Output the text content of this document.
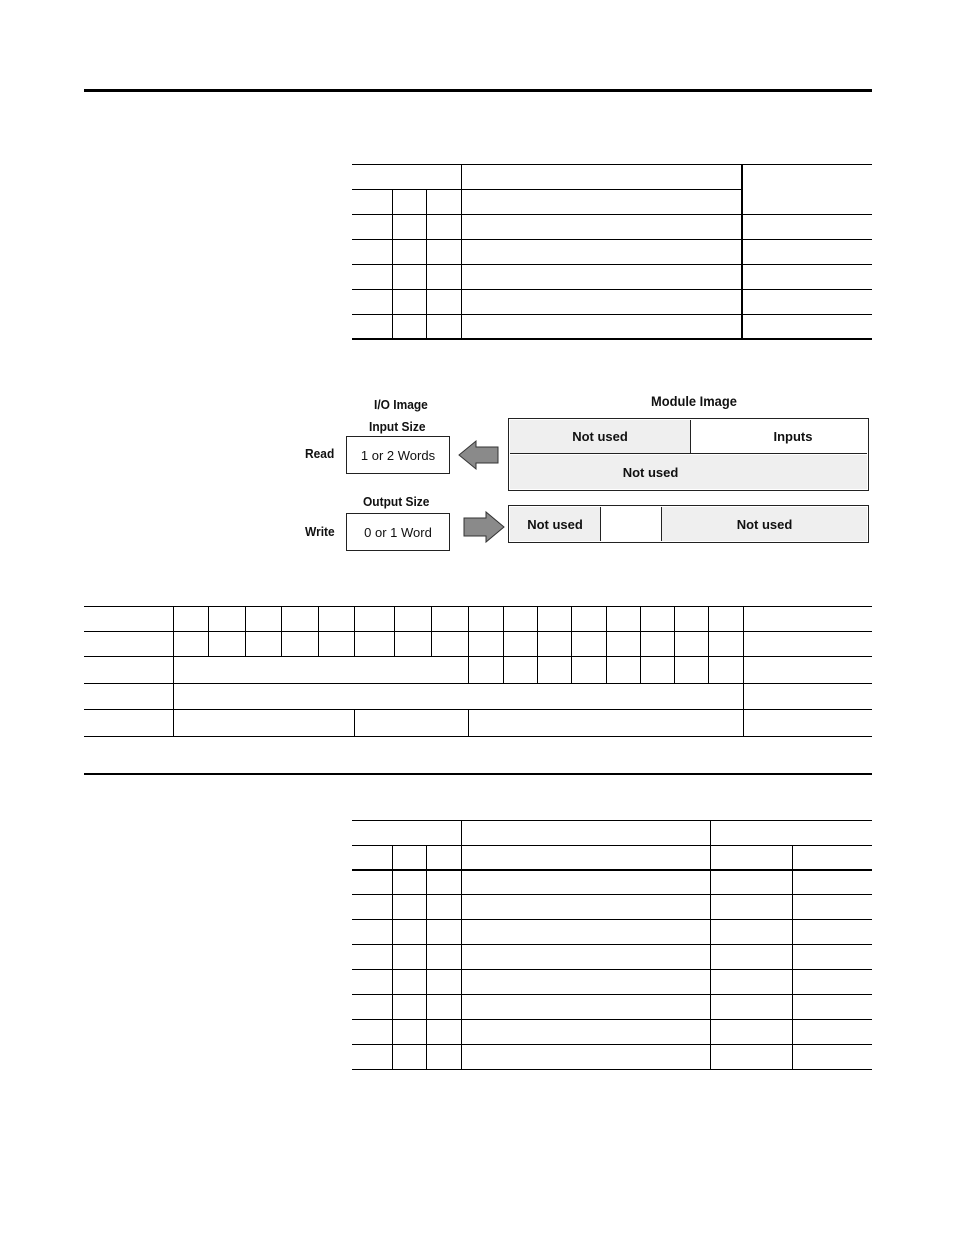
I/O Image	Module Image
Input Size
Read 1 or 2 Words
Not used	Inputs
Not used
Output Size
Write 0 or 1 Word
Not used	Not used
